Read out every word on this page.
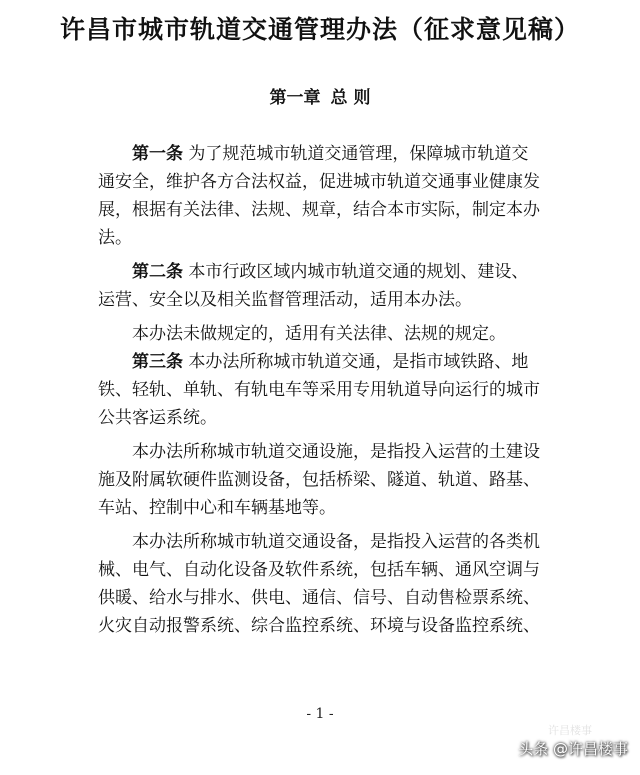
许昌市城市轨道交通管理办法（征求意见稿）
第一章 总 则
第一条 为了规范城市轨道交通管理，保障城市轨道交
通安全，维护各方合法权益，促进城市轨道交通事业健康发
展，根据有关法律、法规、规章，结合本市实际，制定本办
法。
第二条 本市行政区域内城市轨道交通的规划、建设、
运营、安全以及相关监督管理活动，适用本办法。
本办法未做规定的，适用有关法律、法规的规定。
第三条 本办法所称城市轨道交通，是指市域铁路、地
铁、轻轨、单轨、有轨电车等采用专用轨道导向运行的城市
公共客运系统。
本办法所称城市轨道交通设施，是指投入运营的土建设
施及附属软硬件监测设备，包括桥梁、隧道、轨道、路基、
车站、控制中心和车辆基地等。
本办法所称城市轨道交通设备，是指投入运营的各类机
械、电气、自动化设备及软件系统，包括车辆、通风空调与
供暖、给水与排水、供电、通信、信号、自动售检票系统、
火灾自动报警系统、综合监控系统、环境与设备监控系统、
- 1 -
许昌楼事
头条 @许昌楼事
